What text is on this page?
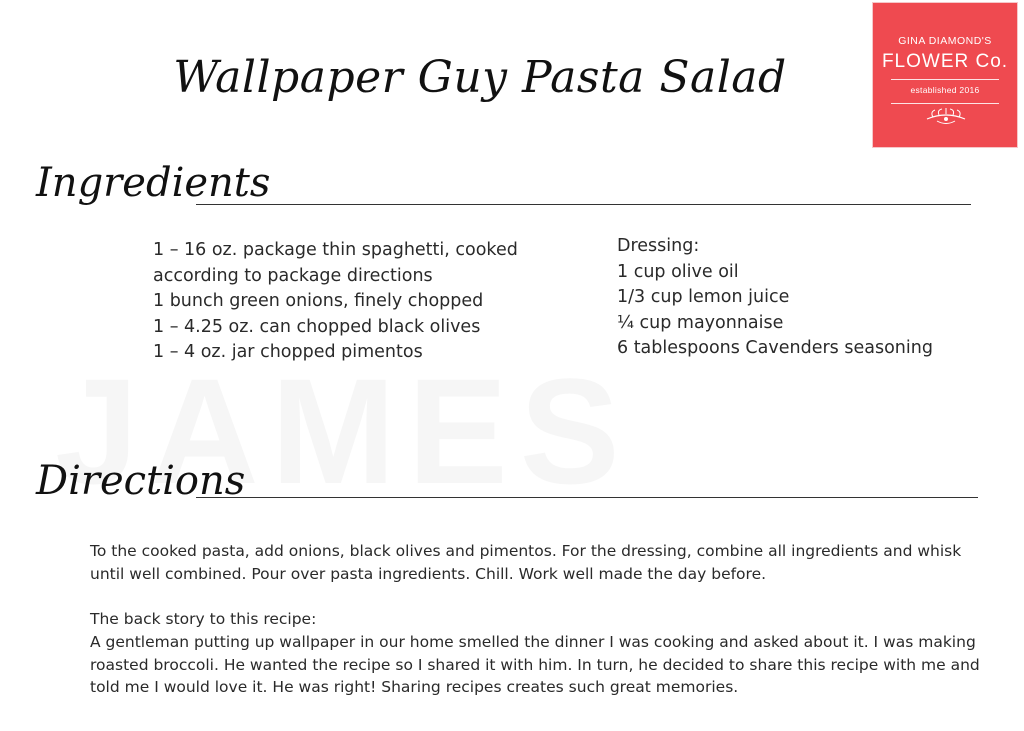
Wallpaper Guy Pasta Salad
GINA DIAMOND'S
FLOWER Co.
established 2016
Ingredients
1 – 16 oz. package thin spaghetti, cooked
according to package directions
1 bunch green onions, finely chopped
1 – 4.25 oz. can chopped black olives
1 – 4 oz. jar chopped pimentos
Dressing:
1 cup olive oil
1/3 cup lemon juice
¼ cup mayonnaise
6 tablespoons Cavenders seasoning
Directions

To the cooked pasta, add onions, black olives and pimentos. For the dressing, combine all ingredients and whisk until well combined. Pour over pasta ingredients. Chill. Work well made the day before.

The back story to this recipe:

A gentleman putting up wallpaper in our home smelled the dinner I was cooking and asked about it. I was making roasted broccoli. He wanted the recipe so I shared it with him. In turn, he decided to share this recipe with me and told me I would love it. He was right! Sharing recipes creates such great memories.
